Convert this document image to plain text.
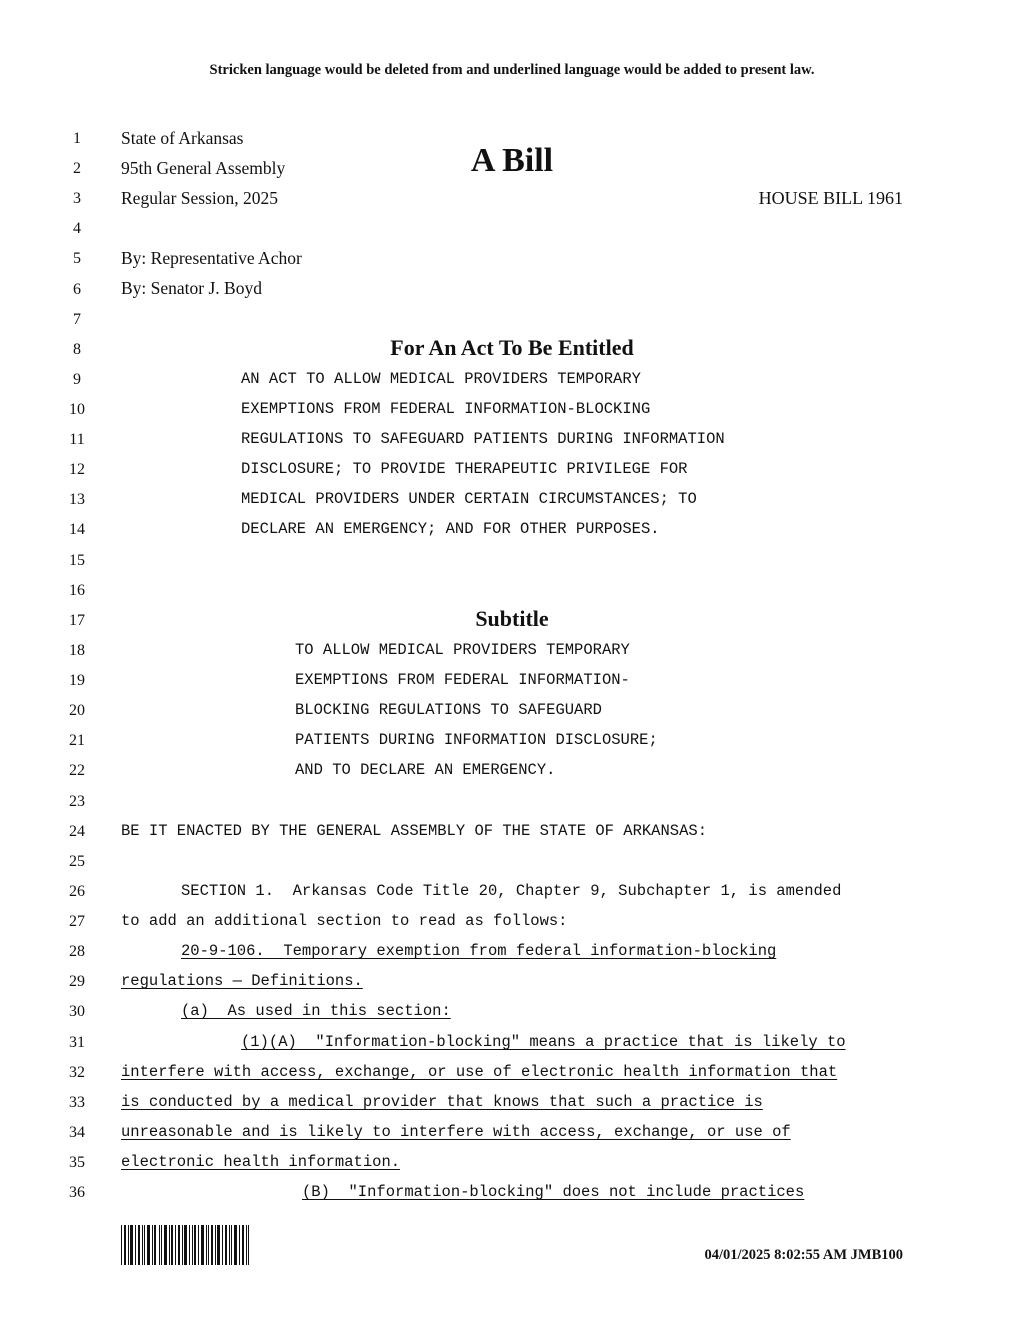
Stricken language would be deleted from and underlined language would be added to present law.
1
2
3
4
5
6
7
8
9
10
11
12
13
14
15
16
17
18
19
20
21
22
23
24
25
26
27
28
29
30
31
32
33
34
35
36
State of Arkansas
95th General Assembly	A Bill
Regular Session, 2025	HOUSE BILL 1961
By: Representative Achor
By: Senator J. Boyd
For An Act To Be Entitled
AN ACT TO ALLOW MEDICAL PROVIDERS TEMPORARY
EXEMPTIONS FROM FEDERAL INFORMATION-BLOCKING
REGULATIONS TO SAFEGUARD PATIENTS DURING INFORMATION
DISCLOSURE; TO PROVIDE THERAPEUTIC PRIVILEGE FOR
MEDICAL PROVIDERS UNDER CERTAIN CIRCUMSTANCES; TO
DECLARE AN EMERGENCY; AND FOR OTHER PURPOSES.
Subtitle
TO ALLOW MEDICAL PROVIDERS TEMPORARY
EXEMPTIONS FROM FEDERAL INFORMATION-
BLOCKING REGULATIONS TO SAFEGUARD
PATIENTS DURING INFORMATION DISCLOSURE;
AND TO DECLARE AN EMERGENCY.
BE IT ENACTED BY THE GENERAL ASSEMBLY OF THE STATE OF ARKANSAS:
SECTION 1.  Arkansas Code Title 20, Chapter 9, Subchapter 1, is amended
to add an additional section to read as follows:
20-9-106.  Temporary exemption from federal information-blocking
regulations — Definitions.
(a)  As used in this section:
(1)(A)  "Information-blocking" means a practice that is likely to
interfere with access, exchange, or use of electronic health information that
is conducted by a medical provider that knows that such a practice is
unreasonable and is likely to interfere with access, exchange, or use of
electronic health information.
(B)  "Information-blocking" does not include practices
04/01/2025 8:02:55 AM JMB100
